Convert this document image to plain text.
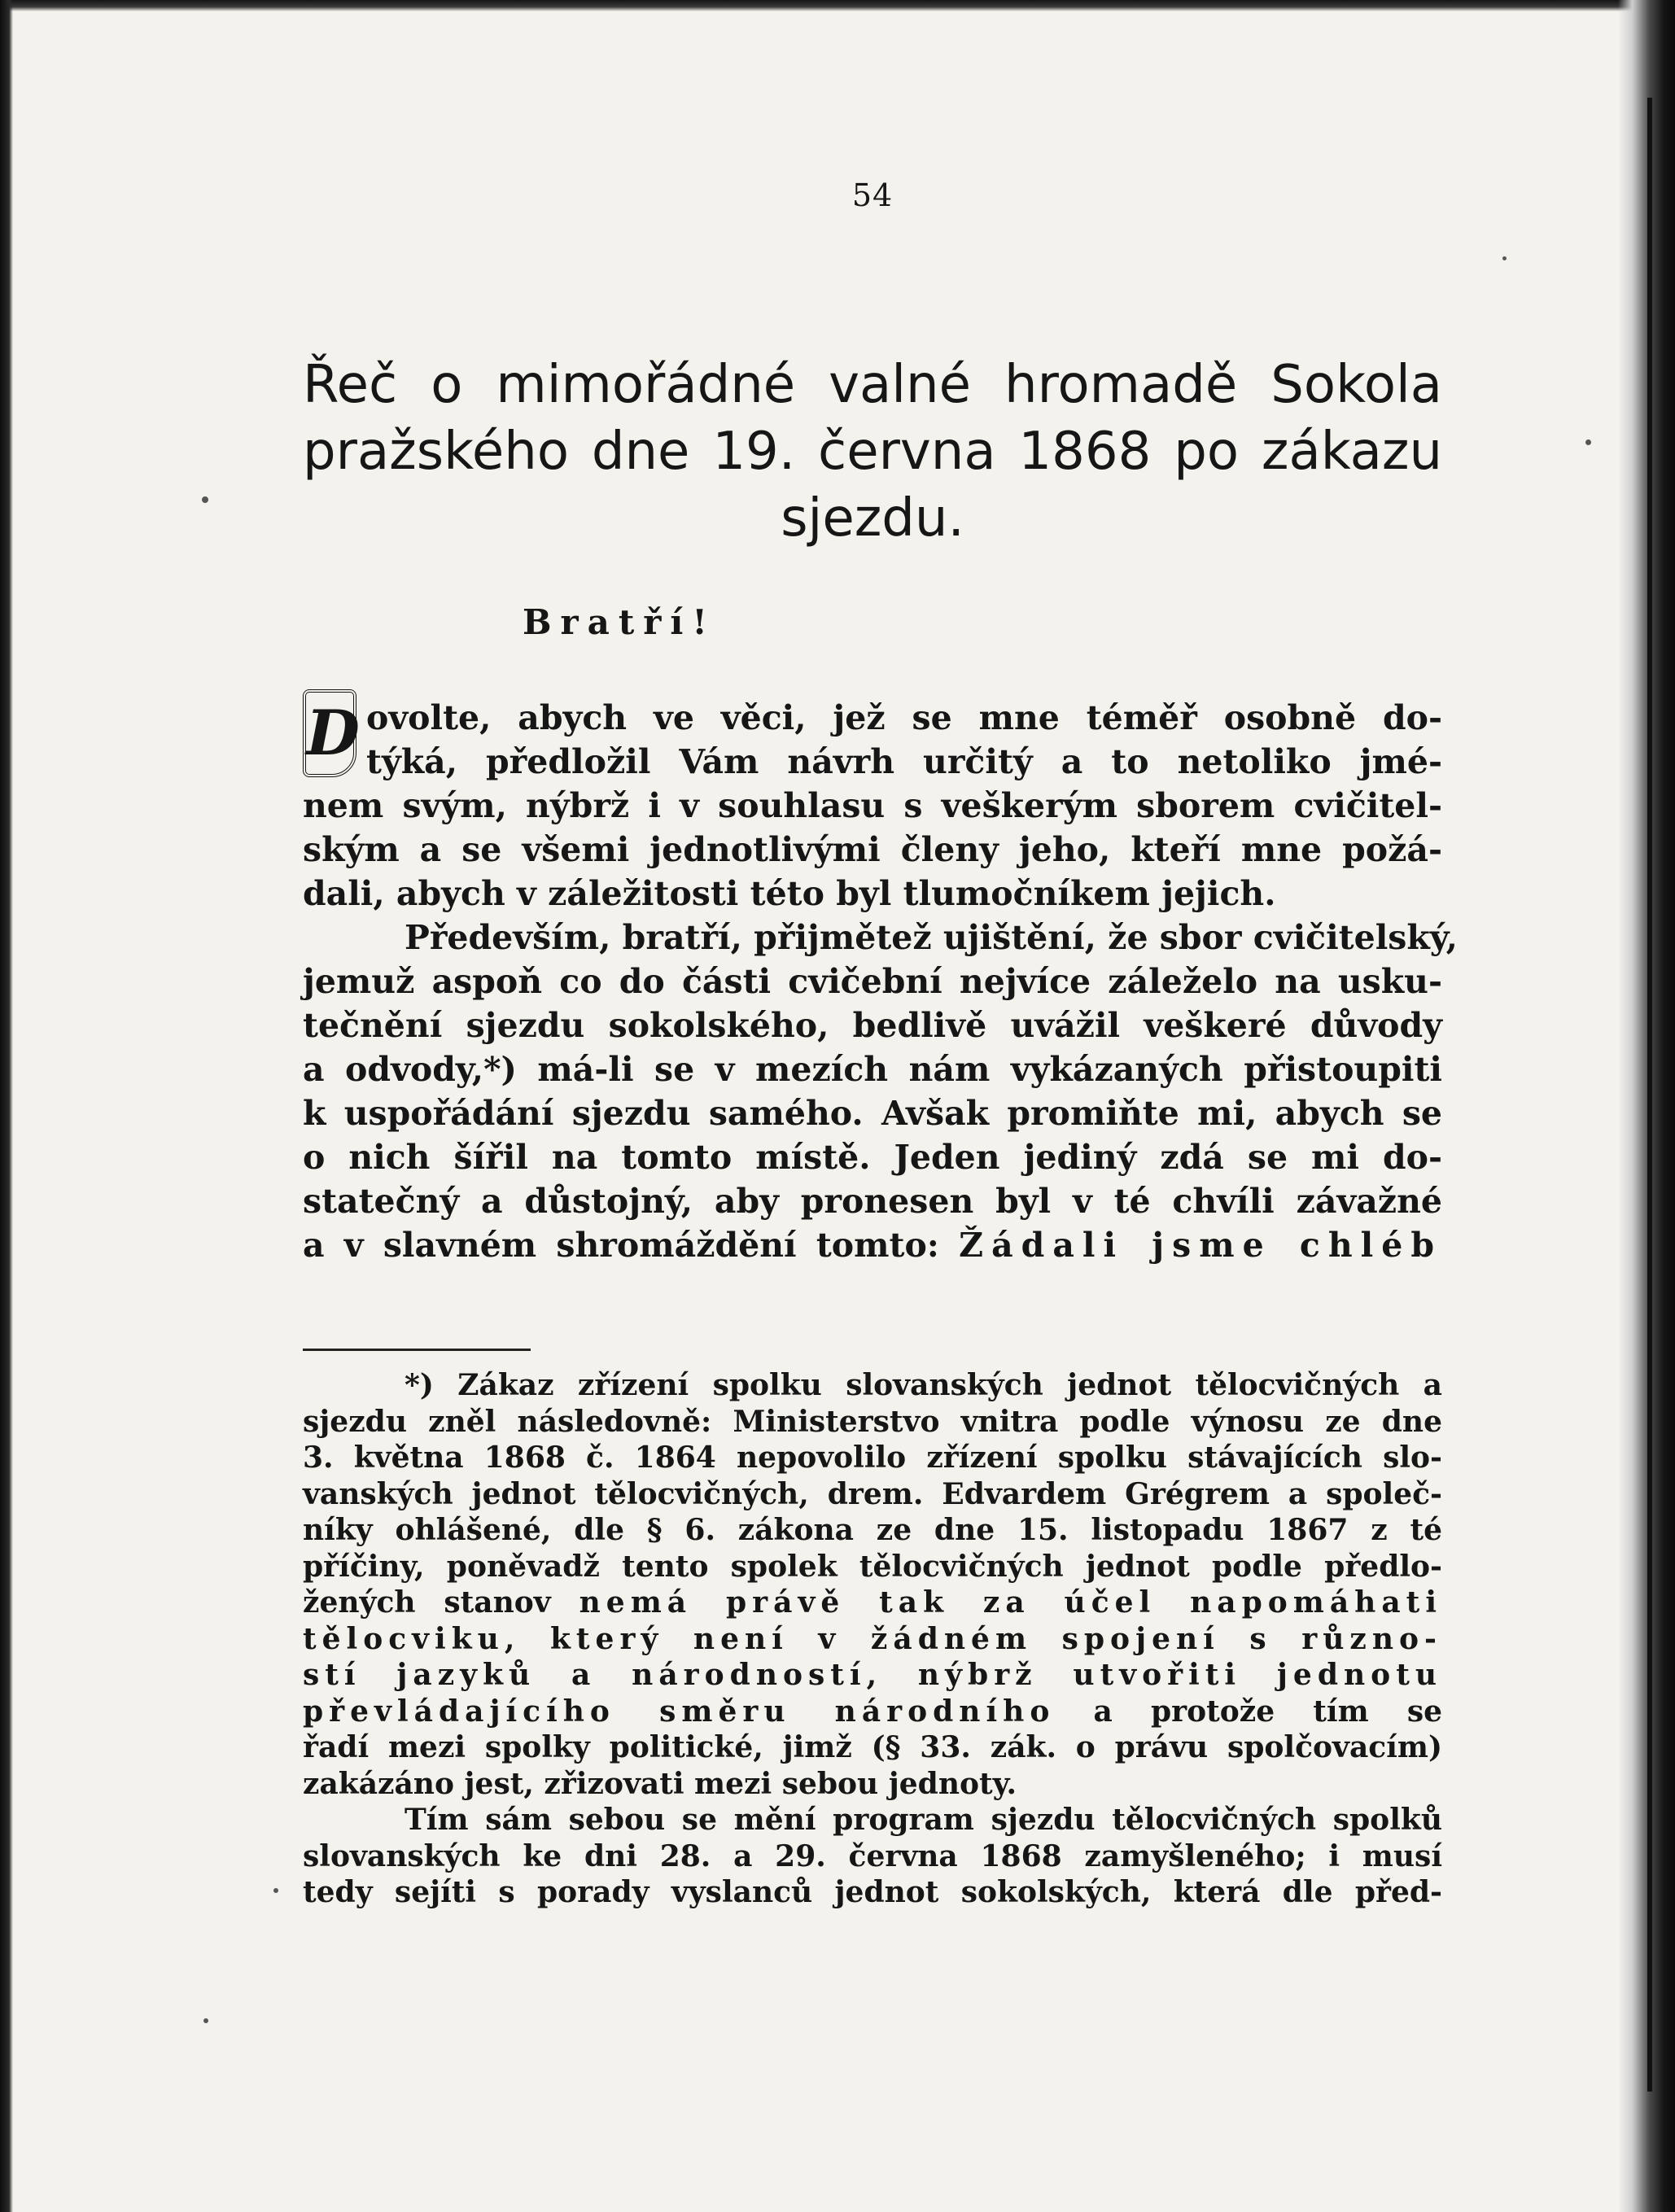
54
Řeč o mimořádné valné hromadě Sokola
pražského dne 19. června 1868 po zákazu
sjezdu.
Bratří!
D ovolte, abych ve věci, jež se mne téměř osobně do-
týká, předložil Vám návrh určitý a to netoliko jmé-
nem svým, nýbrž i v souhlasu s veškerým sborem cvičitel-
ským a se všemi jednotlivými členy jeho, kteří mne požá-
dali, abych v záležitosti této byl tlumočníkem jejich.
Především, bratří, přijmětež ujištění, že sbor cvičitelský,
jemuž aspoň co do části cvičební nejvíce záleželo na usku-
tečnění sjezdu sokolského, bedlivě uvážil veškeré důvody
a odvody,*) má-li se v mezích nám vykázaných přistoupiti
k uspořádání sjezdu samého. Avšak promiňte mi, abych se
o nich šířil na tomto místě. Jeden jediný zdá se mi do-
statečný a důstojný, aby pronesen byl v té chvíli závažné
a v slavném shromáždění tomto: Žádali jsme chléb
*) Zákaz zřízení spolku slovanských jednot tělocvičných a
sjezdu zněl následovně: Ministerstvo vnitra podle výnosu ze dne
3. května 1868 č. 1864 nepovolilo zřízení spolku stávajících slo-
vanských jednot tělocvičných, drem. Edvardem Grégrem a společ-
níky ohlášené, dle § 6. zákona ze dne 15. listopadu 1867 z té
příčiny, poněvadž tento spolek tělocvičných jednot podle předlo-
žených stanov nemá právě tak za účel napomáhati
tělocviku, který není v žádném spojení s různo-
stí jazyků a národností, nýbrž utvořiti jednotu
převládajícího směru národního a protože tím se
řadí mezi spolky politické, jimž (§ 33. zák. o právu spolčovacím)
zakázáno jest, zřizovati mezi sebou jednoty.
Tím sám sebou se mění program sjezdu tělocvičných spolků
slovanských ke dni 28. a 29. června 1868 zamyšleného; i musí
tedy sejíti s porady vyslanců jednot sokolských, která dle před-
